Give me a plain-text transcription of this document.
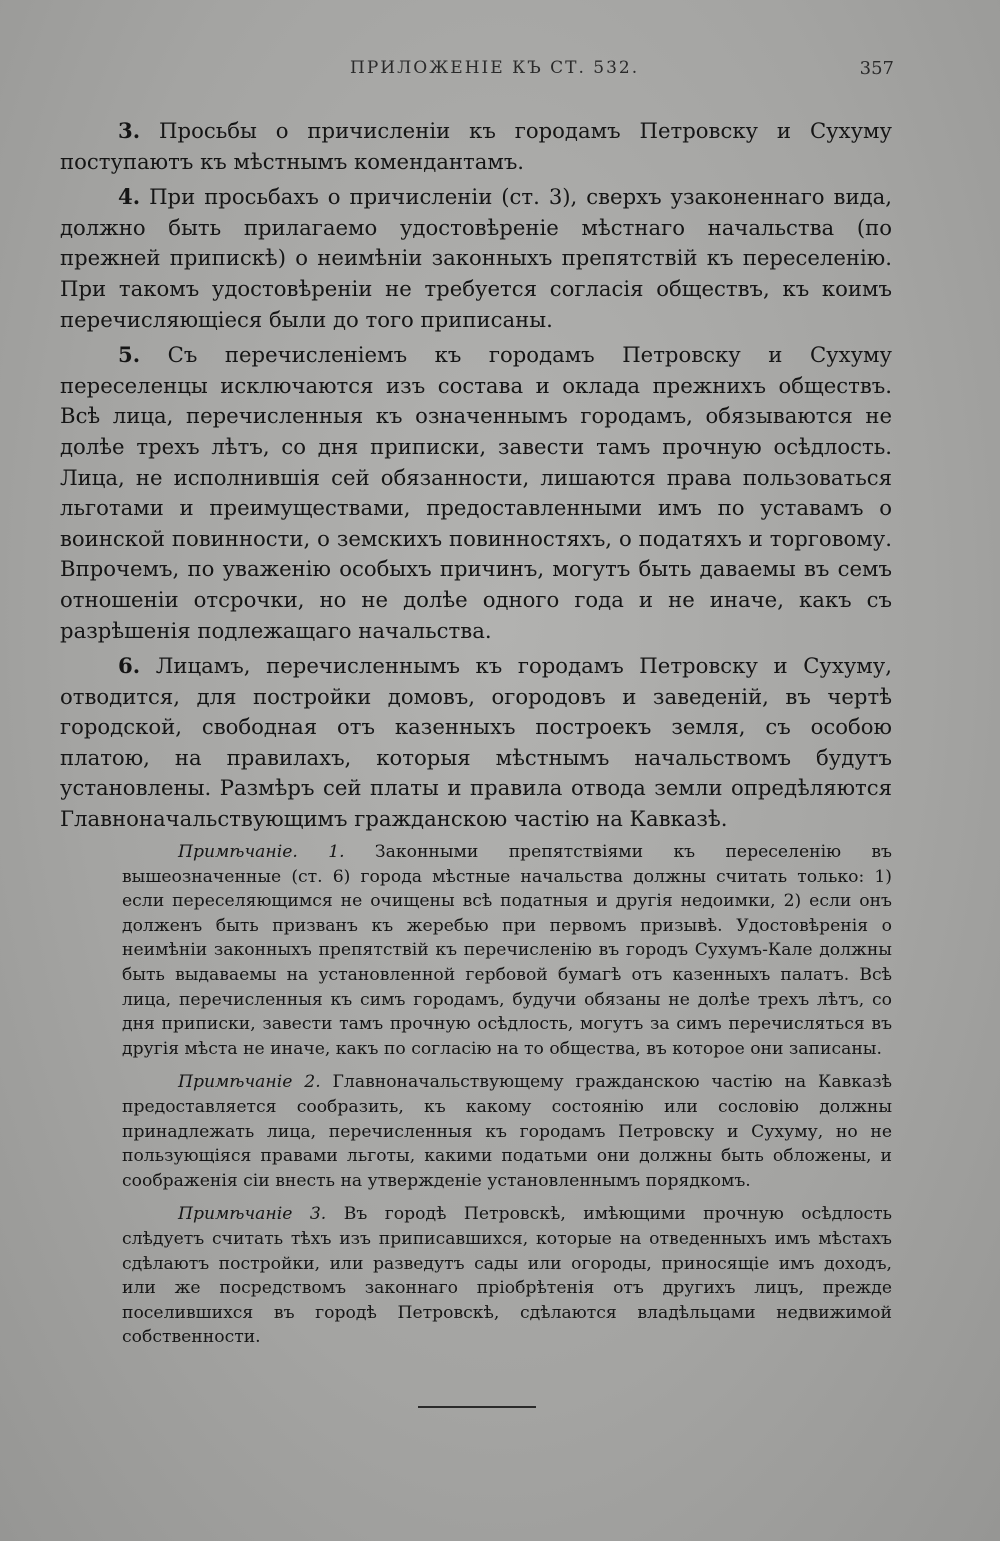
ПРИЛОЖЕНІЕ КЪ СТ. 532.	357

3. Просьбы о причисленіи къ городамъ Петровску и Сухуму поступаютъ къ мѣстнымъ комендантамъ.

4. При просьбахъ о причисленіи (ст. 3), сверхъ узаконеннаго вида, должно быть прилагаемо удостовѣреніе мѣстнаго начальства (по прежней припискѣ) о неимѣніи законныхъ препятствій къ переселенію. При такомъ удостовѣреніи не требуется согласія обществъ, къ коимъ перечисляющіеся были до того приписаны.

5. Съ перечисленіемъ къ городамъ Петровску и Сухуму переселенцы исключаются изъ состава и оклада прежнихъ обществъ. Всѣ лица, перечисленныя къ означеннымъ городамъ, обязываются не долѣе трехъ лѣтъ, со дня приписки, завести тамъ прочную осѣдлость. Лица, не исполнившія сей обязанности, лишаются права пользоваться льготами и преимуществами, предоставленными имъ по уставамъ о воинской повинности, о земскихъ повинностяхъ, о податяхъ и торговому. Впрочемъ, по уваженію особыхъ причинъ, могутъ быть даваемы въ семъ отношеніи отсрочки, но не долѣе одного года и не иначе, какъ съ разрѣшенія подлежащаго начальства.

6. Лицамъ, перечисленнымъ къ городамъ Петровску и Сухуму, отводится, для постройки домовъ, огородовъ и заведеній, въ чертѣ городской, свободная отъ казенныхъ построекъ земля, съ особою платою, на правилахъ, которыя мѣстнымъ начальствомъ будутъ установлены. Размѣръ сей платы и правила отвода земли опредѣляются Главноначальствующимъ гражданскою частію на Кавказѣ.

Примѣчаніе. 1. Законными препятствіями къ переселенію въ вышеозначенные (ст. 6) города мѣстные начальства должны считать только: 1) если переселяющимся не очищены всѣ податныя и другія недоимки, 2) если онъ долженъ быть призванъ къ жеребью при первомъ призывѣ. Удостовѣренія о неимѣніи законныхъ препятствій къ перечисленію въ городъ Сухумъ-Кале должны быть выдаваемы на установленной гербовой бумагѣ отъ казенныхъ палатъ. Всѣ лица, перечисленныя къ симъ городамъ, будучи обязаны не долѣе трехъ лѣтъ, со дня приписки, завести тамъ прочную осѣдлость, могутъ за симъ перечисляться въ другія мѣста не иначе, какъ по согласію на то общества, въ которое они записаны.

Примѣчаніе 2. Главноначальствующему гражданскою частію на Кавказѣ предоставляется сообразить, къ какому состоянію или сословію должны принадлежать лица, перечисленныя къ городамъ Петровску и Сухуму, но не пользующіяся правами льготы, какими податьми они должны быть обложены, и соображенія сіи внесть на утвержденіе установленнымъ порядкомъ.

Примѣчаніе 3. Въ городѣ Петровскѣ, имѣющими прочную осѣдлость слѣдуетъ считать тѣхъ изъ приписавшихся, которые на отведенныхъ имъ мѣстахъ сдѣлаютъ постройки, или разведутъ сады или огороды, приносящіе имъ доходъ, или же посредствомъ законнаго пріобрѣтенія отъ другихъ лицъ, прежде поселившихся въ городѣ Петровскѣ, сдѣлаются владѣльцами недвижимой собственности.
